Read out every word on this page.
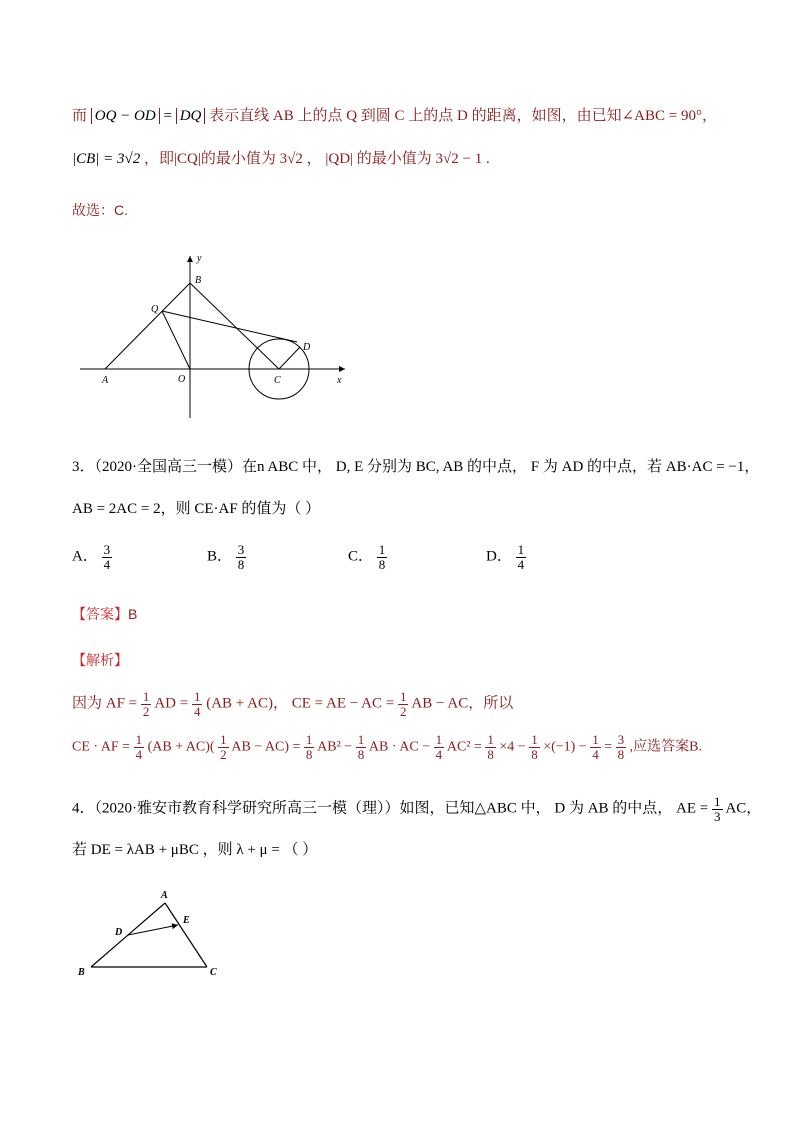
而 OQ − OD = DQ 表示直线 AB 上的点 Q 到圆 C 上的点 D 的距离，如图，由已知∠ABC = 90°，
|CB| = 3√2 ，即|CQ|的最小值为 3√2 ， |QD| 的最小值为 3√2 − 1 .
故选：C.
y
B
Q
D
A	O	C	x
3．（2020·全国高三一模）在n ABC 中， D, E 分别为 BC, AB 的中点， F 为 AD 的中点，若 AB·AC = −1，
AB = 2AC = 2，则 CE·AF 的值为（ ）
A． $\frac{3}{4}$	B． $\frac{3}{8}$	C． $\frac{1}{8}$	D． $\frac{1}{4}$
【答案】B
【解析】
因为 AF = $\frac{1}{2}$ AD = $\frac{1}{4} (AB + AC)$， CE = AE − AC = $\frac{1}{2}$ AB − AC，所以
CE · AF = $\frac{1}{4} (AB + AC)( \frac{1}{2}$ AB − $AC) = \frac{1}{8} AB^2 - \frac{1}{8}$ AB · AC − $\frac{1}{4} AC^2 = \frac{1}{8} \times 4 - \frac{1}{8} \times(-1) - \frac{1}{4} = \frac{3}{8}$ ,应选答案B.
4．（2020·雅安市教育科学研究所高三一模（理））如图，已知△ABC 中， D 为 AB 的中点， AE = $\frac{1}{3}$ AC，
若 DE = λAB + μBC ，则 λ + μ = （ ）
A
D
E
B	C
